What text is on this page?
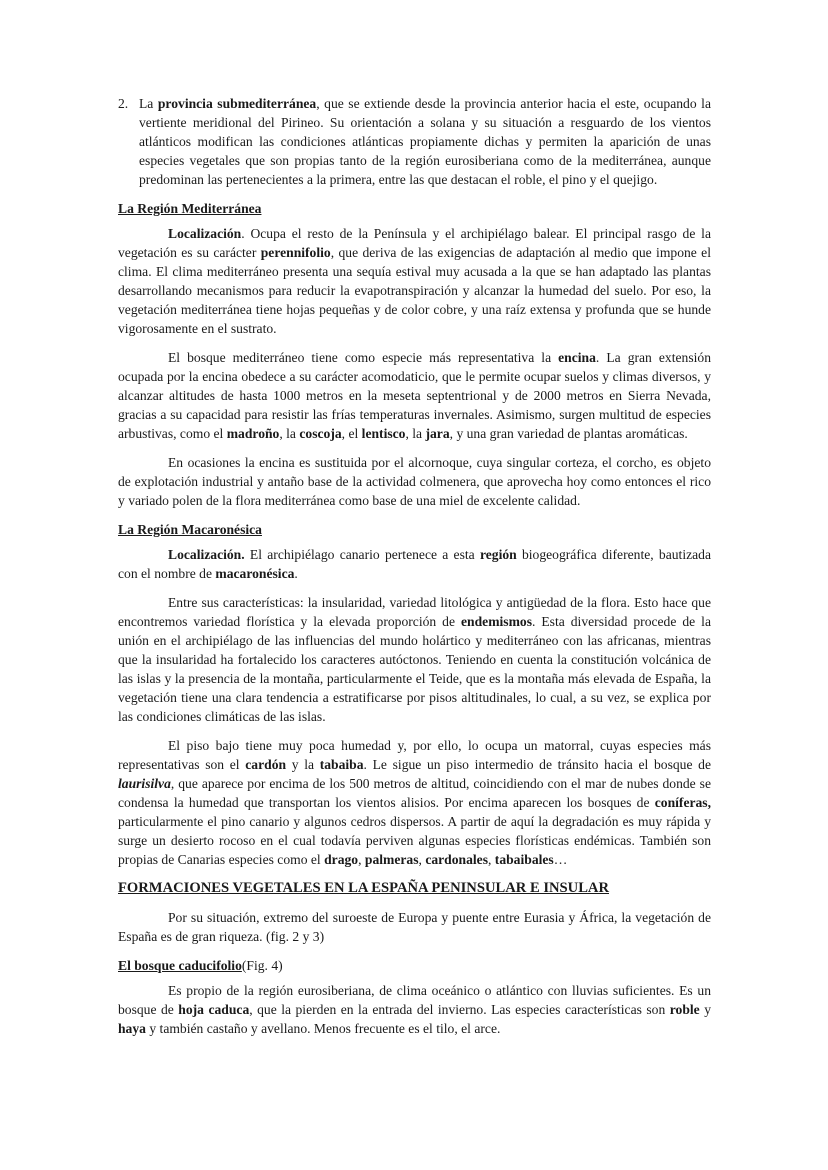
2. La provincia submediterránea, que se extiende desde la provincia anterior hacia el este, ocupando la vertiente meridional del Pirineo. Su orientación a solana y su situación a resguardo de los vientos atlánticos modifican las condiciones atlánticas propiamente dichas y permiten la aparición de unas especies vegetales que son propias tanto de la región eurosiberiana como de la mediterránea, aunque predominan las pertenecientes a la primera, entre las que destacan el roble, el pino y el quejigo.

La Región Mediterránea

Localización. Ocupa el resto de la Península y el archipiélago balear. El principal rasgo de la vegetación es su carácter perennifolio, que deriva de las exigencias de adaptación al medio que impone el clima. El clima mediterráneo presenta una sequía estival muy acusada a la que se han adaptado las plantas desarrollando mecanismos para reducir la evapotranspiración y alcanzar la humedad del suelo. Por eso, la vegetación mediterránea tiene hojas pequeñas y de color cobre, y una raíz extensa y profunda que se hunde vigorosamente en el sustrato.

El bosque mediterráneo tiene como especie más representativa la encina. La gran extensión ocupada por la encina obedece a su carácter acomodaticio, que le permite ocupar suelos y climas diversos, y alcanzar altitudes de hasta 1000 metros en la meseta septentrional y de 2000 metros en Sierra Nevada, gracias a su capacidad para resistir las frías temperaturas invernales. Asimismo, surgen multitud de especies arbustivas, como el madroño, la coscoja, el lentisco, la jara, y una gran variedad de plantas aromáticas.

En ocasiones la encina es sustituida por el alcornoque, cuya singular corteza, el corcho, es objeto de explotación industrial y antaño base de la actividad colmenera, que aprovecha hoy como entonces el rico y variado polen de la flora mediterránea como base de una miel de excelente calidad.

La Región Macaronésica

Localización. El archipiélago canario pertenece a esta región biogeográfica diferente, bautizada con el nombre de macaronésica.

Entre sus características: la insularidad, variedad litológica y antigüedad de la flora. Esto hace que encontremos variedad florística y la elevada proporción de endemismos. Esta diversidad procede de la unión en el archipiélago de las influencias del mundo holártico y mediterráneo con las africanas, mientras que la insularidad ha fortalecido los caracteres autóctonos. Teniendo en cuenta la constitución volcánica de las islas y la presencia de la montaña, particularmente el Teide, que es la montaña más elevada de España, la vegetación tiene una clara tendencia a estratificarse por pisos altitudinales, lo cual, a su vez, se explica por las condiciones climáticas de las islas.

El piso bajo tiene muy poca humedad y, por ello, lo ocupa un matorral, cuyas especies más representativas son el cardón y la tabaiba. Le sigue un piso intermedio de tránsito hacia el bosque de laurisilva, que aparece por encima de los 500 metros de altitud, coincidiendo con el mar de nubes donde se condensa la humedad que transportan los vientos alisios. Por encima aparecen los bosques de coníferas, particularmente el pino canario y algunos cedros dispersos. A partir de aquí la degradación es muy rápida y surge un desierto rocoso en el cual todavía perviven algunas especies florísticas endémicas. También son propias de Canarias especies como el drago, palmeras, cardonales, tabaibales…

FORMACIONES VEGETALES EN LA ESPAÑA PENINSULAR E INSULAR

Por su situación, extremo del suroeste de Europa y puente entre Eurasia y África, la vegetación de España es de gran riqueza. (fig. 2 y 3)

El bosque caducifolio(Fig. 4)

Es propio de la región eurosiberiana, de clima oceánico o atlántico con lluvias suficientes. Es un bosque de hoja caduca, que la pierden en la entrada del invierno. Las especies características son roble y haya y también castaño y avellano. Menos frecuente es el tilo, el arce.
